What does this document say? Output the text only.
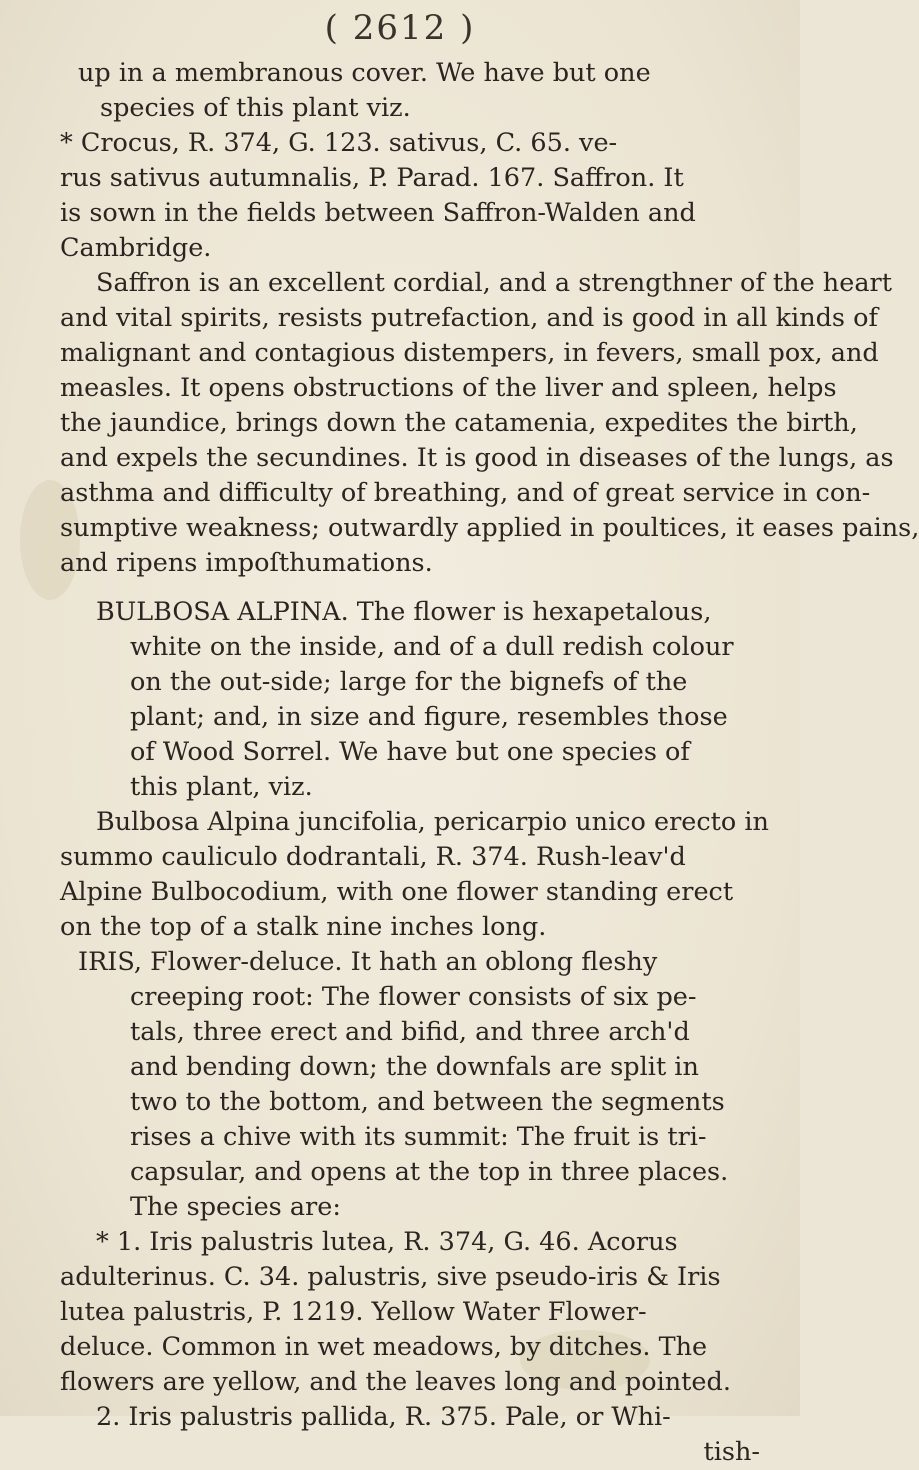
( 2612 )
up in a membranous cover. We have but one
species of this plant viz.
* Crocus, R. 374, G. 123. sativus, C. 65. ve-
rus sativus autumnalis, P. Parad. 167. Saffron. It
is sown in the fields between Saffron-Walden and
Cambridge.
Saffron is an excellent cordial, and a strengthner of the heart
and vital spirits, resists putrefaction, and is good in all kinds of
malignant and contagious distempers, in fevers, small pox, and
measles. It opens obstructions of the liver and spleen, helps
the jaundice, brings down the catamenia, expedites the birth,
and expels the secundines. It is good in diseases of the lungs, as
asthma and difficulty of breathing, and of great service in con-
sumptive weakness; outwardly applied in poultices, it eases pains,
and ripens impoſthumations.
BULBOSA ALPINA. The flower is hexapetalous,
white on the inside, and of a dull redish colour
on the out-side; large for the bignefs of the
plant; and, in size and figure, resembles those
of Wood Sorrel. We have but one species of
this plant, viz.
Bulbosa Alpina juncifolia, pericarpio unico erecto in
summo cauliculo dodrantali, R. 374. Rush-leav'd
Alpine Bulbocodium, with one flower standing erect
on the top of a stalk nine inches long.
IRIS, Flower-deluce. It hath an oblong fleshy
creeping root: The flower consists of six pe-
tals, three erect and bifid, and three arch'd
and bending down; the downfals are split in
two to the bottom, and between the segments
rises a chive with its summit: The fruit is tri-
capsular, and opens at the top in three places.
The species are:
* 1. Iris palustris lutea, R. 374, G. 46. Acorus
adulterinus. C. 34. palustris, sive pseudo-iris & Iris
lutea palustris, P. 1219. Yellow Water Flower-
deluce. Common in wet meadows, by ditches. The
flowers are yellow, and the leaves long and pointed.
2. Iris palustris pallida, R. 375. Pale, or Whi-
tish-
